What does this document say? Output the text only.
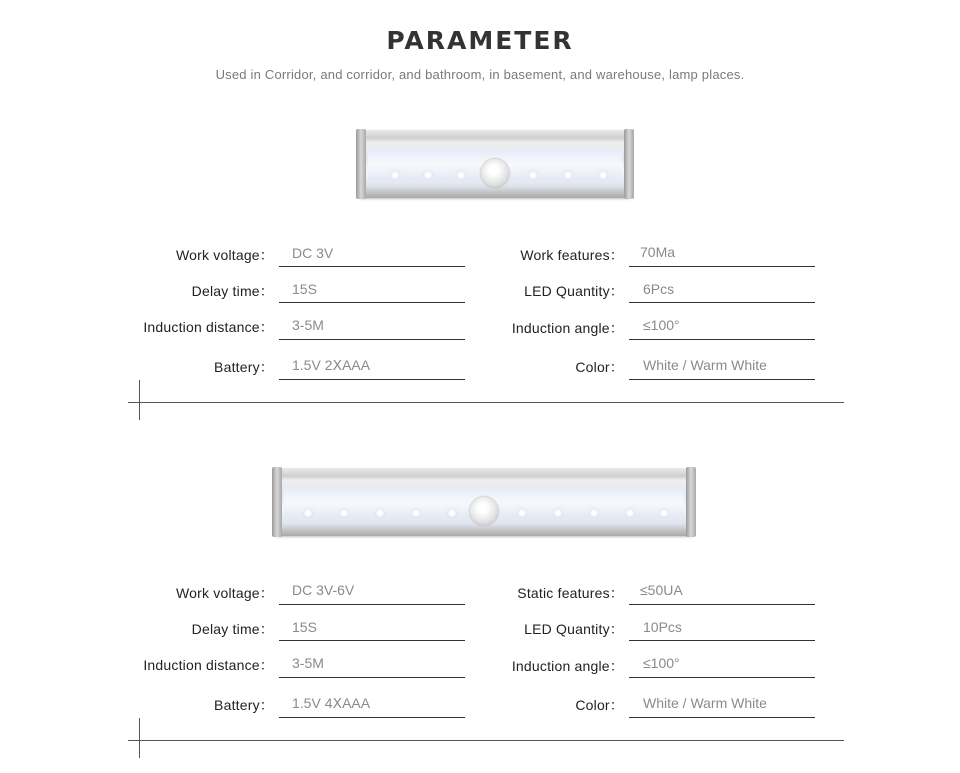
PARAMETER
Used in Corridor, and corridor, and bathroom, in basement, and warehouse, lamp places.
Work voltage： DC 3V
Delay time： 15S
Induction distance： 3-5M
Battery： 1.5V 2ⅩAAA
Work features： 70Ma
LED Quantity： 6Pcs
Induction angle： ≤100°
Color： White / Warm White
Work voltage： DC 3V-6V
Delay time： 15S
Induction distance： 3-5M
Battery： 1.5V 4ⅩAAA
Static features： ≤50UA
LED Quantity： 10Pcs
Induction angle： ≤100°
Color： White / Warm White
